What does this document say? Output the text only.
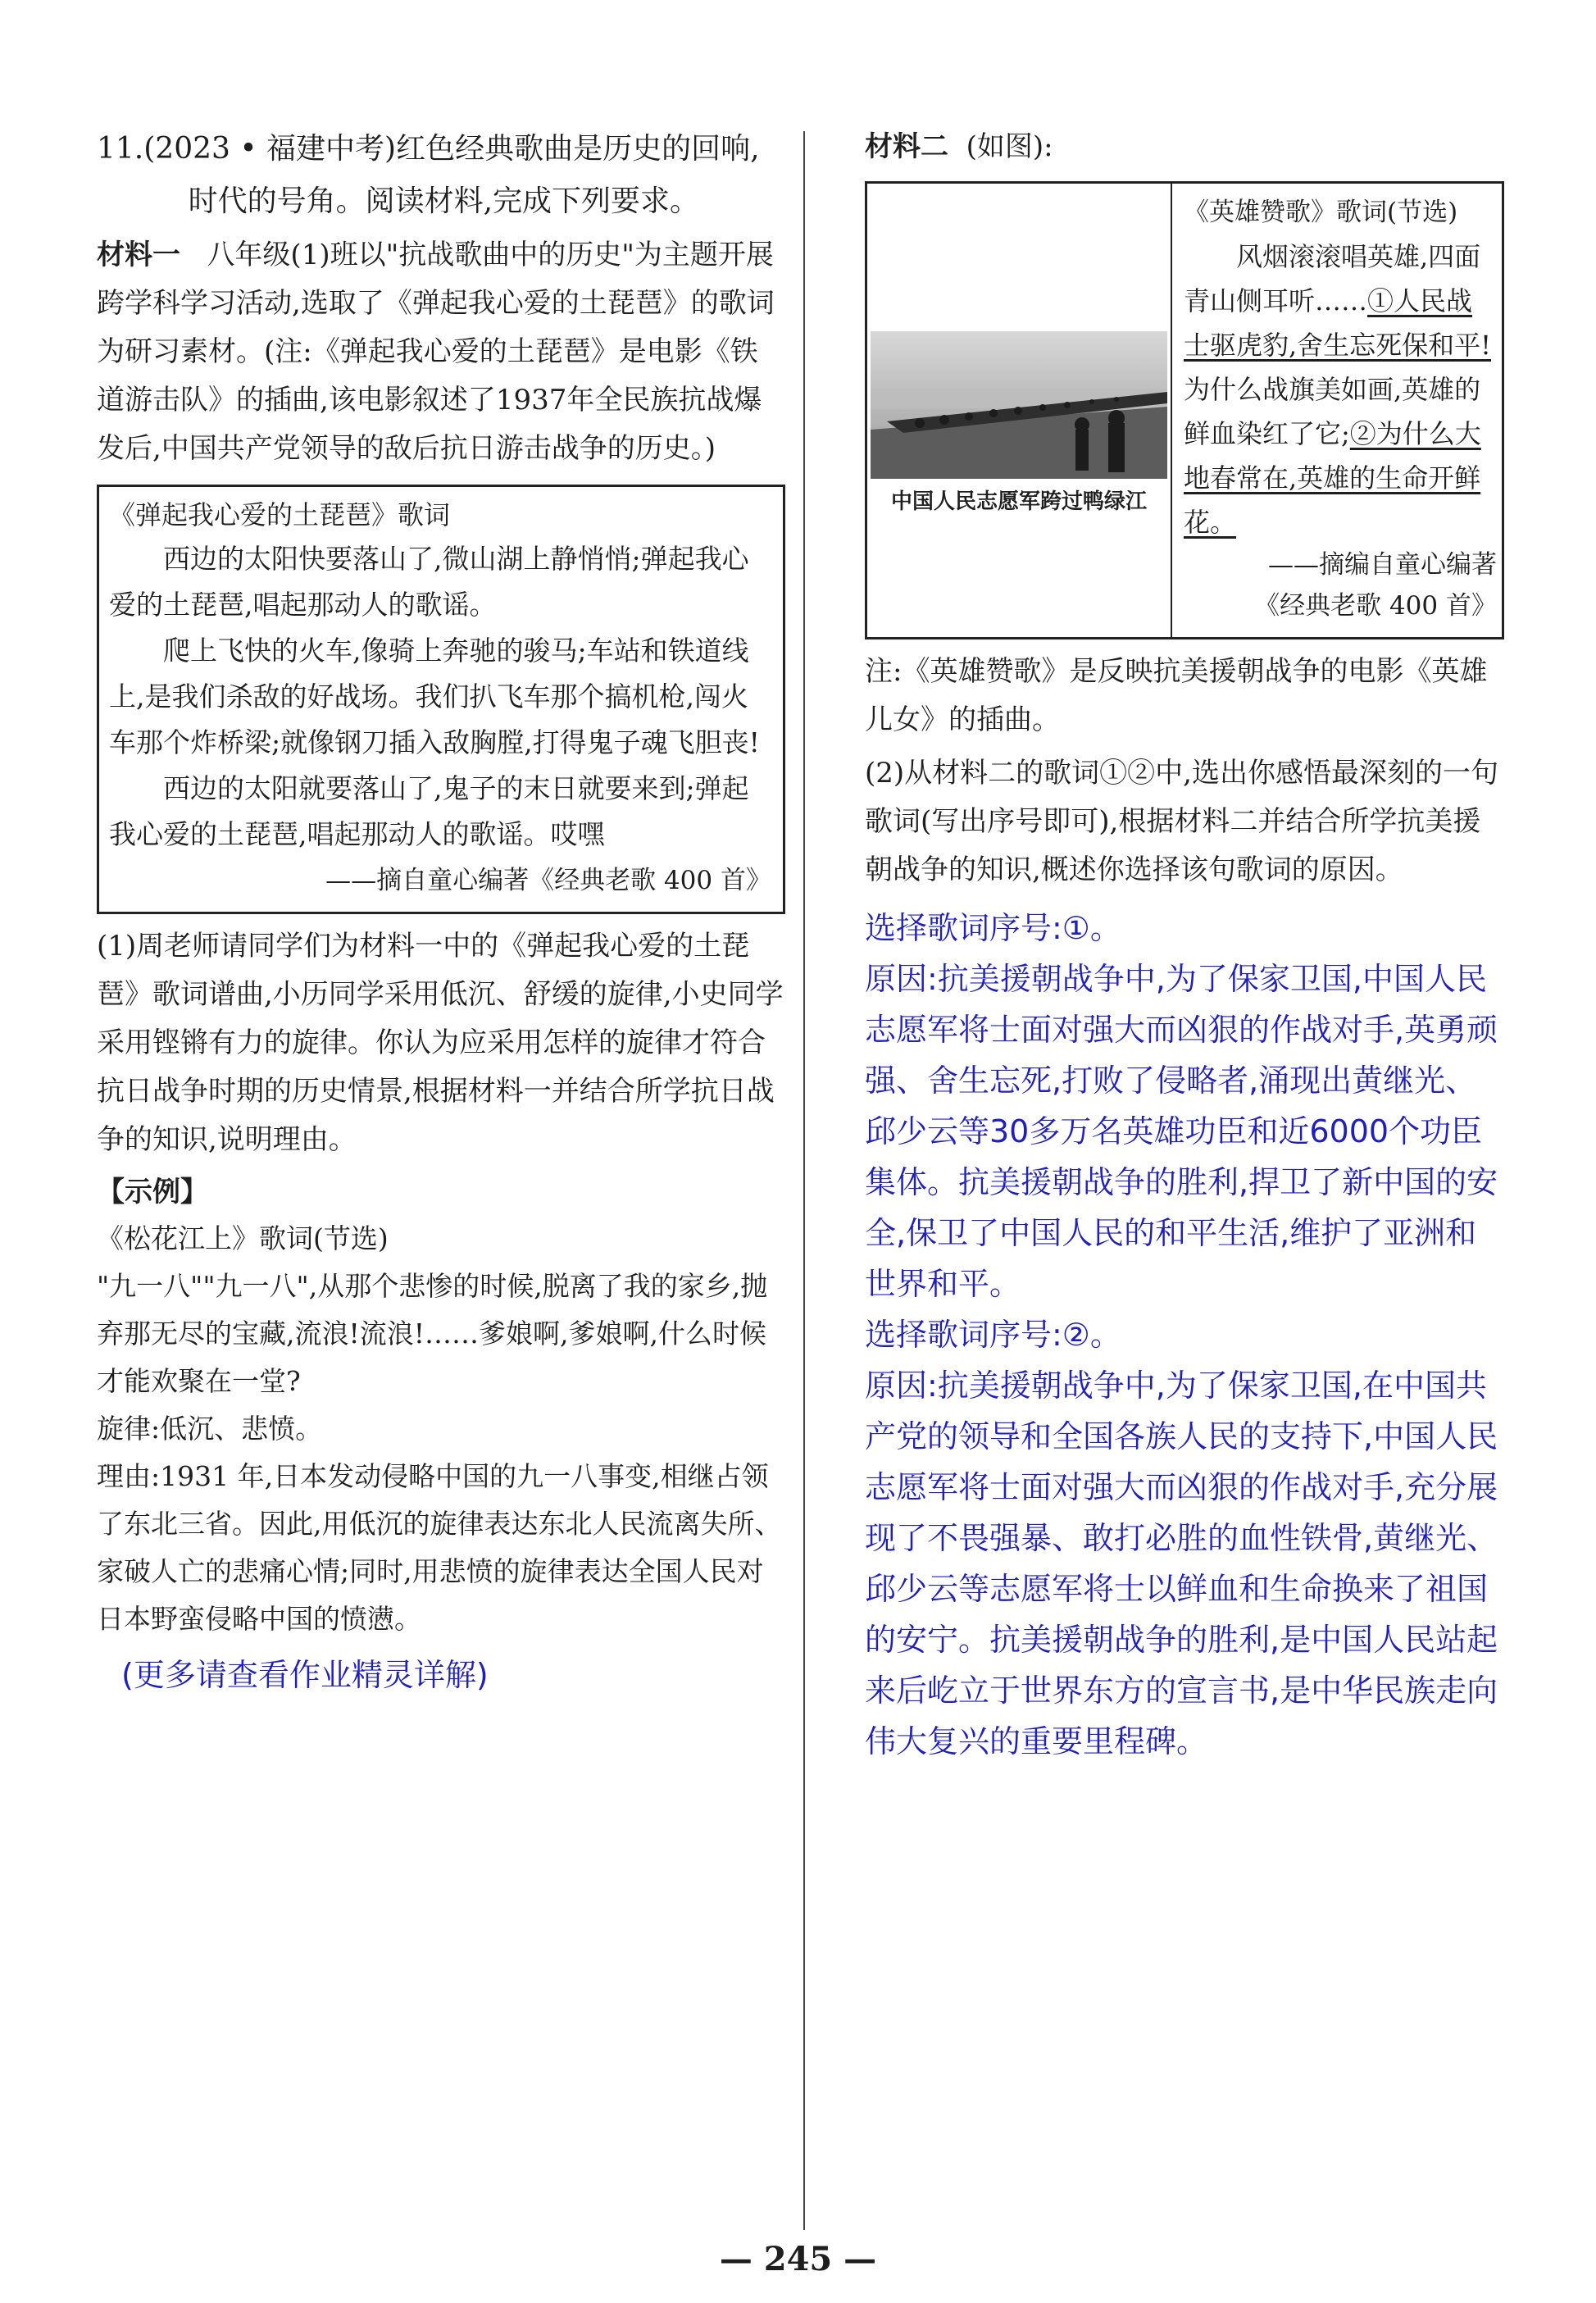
11.(2023 • 福建中考)红色经典歌曲是历史的回响,时代的号角。阅读材料,完成下列要求。

材料一 八年级(1)班以"抗战歌曲中的历史"为主题开展跨学科学习活动,选取了《弹起我心爱的土琵琶》的歌词为研习素材。(注:《弹起我心爱的土琵琶》是电影《铁道游击队》的插曲,该电影叙述了1937年全民族抗战爆发后,中国共产党领导的敌后抗日游击战争的历史。)

《弹起我心爱的土琵琶》歌词

西边的太阳快要落山了,微山湖上静悄悄;弹起我心爱的土琵琶,唱起那动人的歌谣。

爬上飞快的火车,像骑上奔驰的骏马;车站和铁道线上,是我们杀敌的好战场。我们扒飞车那个搞机枪,闯火车那个炸桥梁;就像钢刀插入敌胸膛,打得鬼子魂飞胆丧!

西边的太阳就要落山了,鬼子的末日就要来到;弹起我心爱的土琵琶,唱起那动人的歌谣。哎嘿

——摘自童心编著《经典老歌 400 首》

(1)周老师请同学们为材料一中的《弹起我心爱的土琵琶》歌词谱曲,小历同学采用低沉、舒缓的旋律,小史同学采用铿锵有力的旋律。你认为应采用怎样的旋律才符合抗日战争时期的历史情景,根据材料一并结合所学抗日战争的知识,说明理由。

【示例】

《松花江上》歌词(节选)

"九一八""九一八",从那个悲惨的时候,脱离了我的家乡,抛弃那无尽的宝藏,流浪!流浪!……爹娘啊,爹娘啊,什么时候才能欢聚在一堂?

旋律:低沉、悲愤。

理由:1931 年,日本发动侵略中国的九一八事变,相继占领了东北三省。因此,用低沉的旋律表达东北人民流离失所、家破人亡的悲痛心情;同时,用悲愤的旋律表达全国人民对日本野蛮侵略中国的愤懑。

(更多请查看作业精灵详解)

材料二 (如图):

中国人民志愿军跨过鸭绿江

《英雄赞歌》歌词(节选)

风烟滚滚唱英雄,四面青山侧耳听……①人民战士驱虎豹,舍生忘死保和平!为什么战旗美如画,英雄的鲜血染红了它;②为什么大地春常在,英雄的生命开鲜花。

——摘编自童心编著

《经典老歌 400 首》

注:《英雄赞歌》是反映抗美援朝战争的电影《英雄儿女》的插曲。

(2)从材料二的歌词①②中,选出你感悟最深刻的一句歌词(写出序号即可),根据材料二并结合所学抗美援朝战争的知识,概述你选择该句歌词的原因。

选择歌词序号:①。

原因:抗美援朝战争中,为了保家卫国,中国人民志愿军将士面对强大而凶狠的作战对手,英勇顽强、舍生忘死,打败了侵略者,涌现出黄继光、邱少云等30多万名英雄功臣和近6000个功臣集体。抗美援朝战争的胜利,捍卫了新中国的安全,保卫了中国人民的和平生活,维护了亚洲和世界和平。

选择歌词序号:②。

原因:抗美援朝战争中,为了保家卫国,在中国共产党的领导和全国各族人民的支持下,中国人民志愿军将士面对强大而凶狠的作战对手,充分展现了不畏强暴、敢打必胜的血性铁骨,黄继光、邱少云等志愿军将士以鲜血和生命换来了祖国的安宁。抗美援朝战争的胜利,是中国人民站起来后屹立于世界东方的宣言书,是中华民族走向伟大复兴的重要里程碑。

— 245 —
